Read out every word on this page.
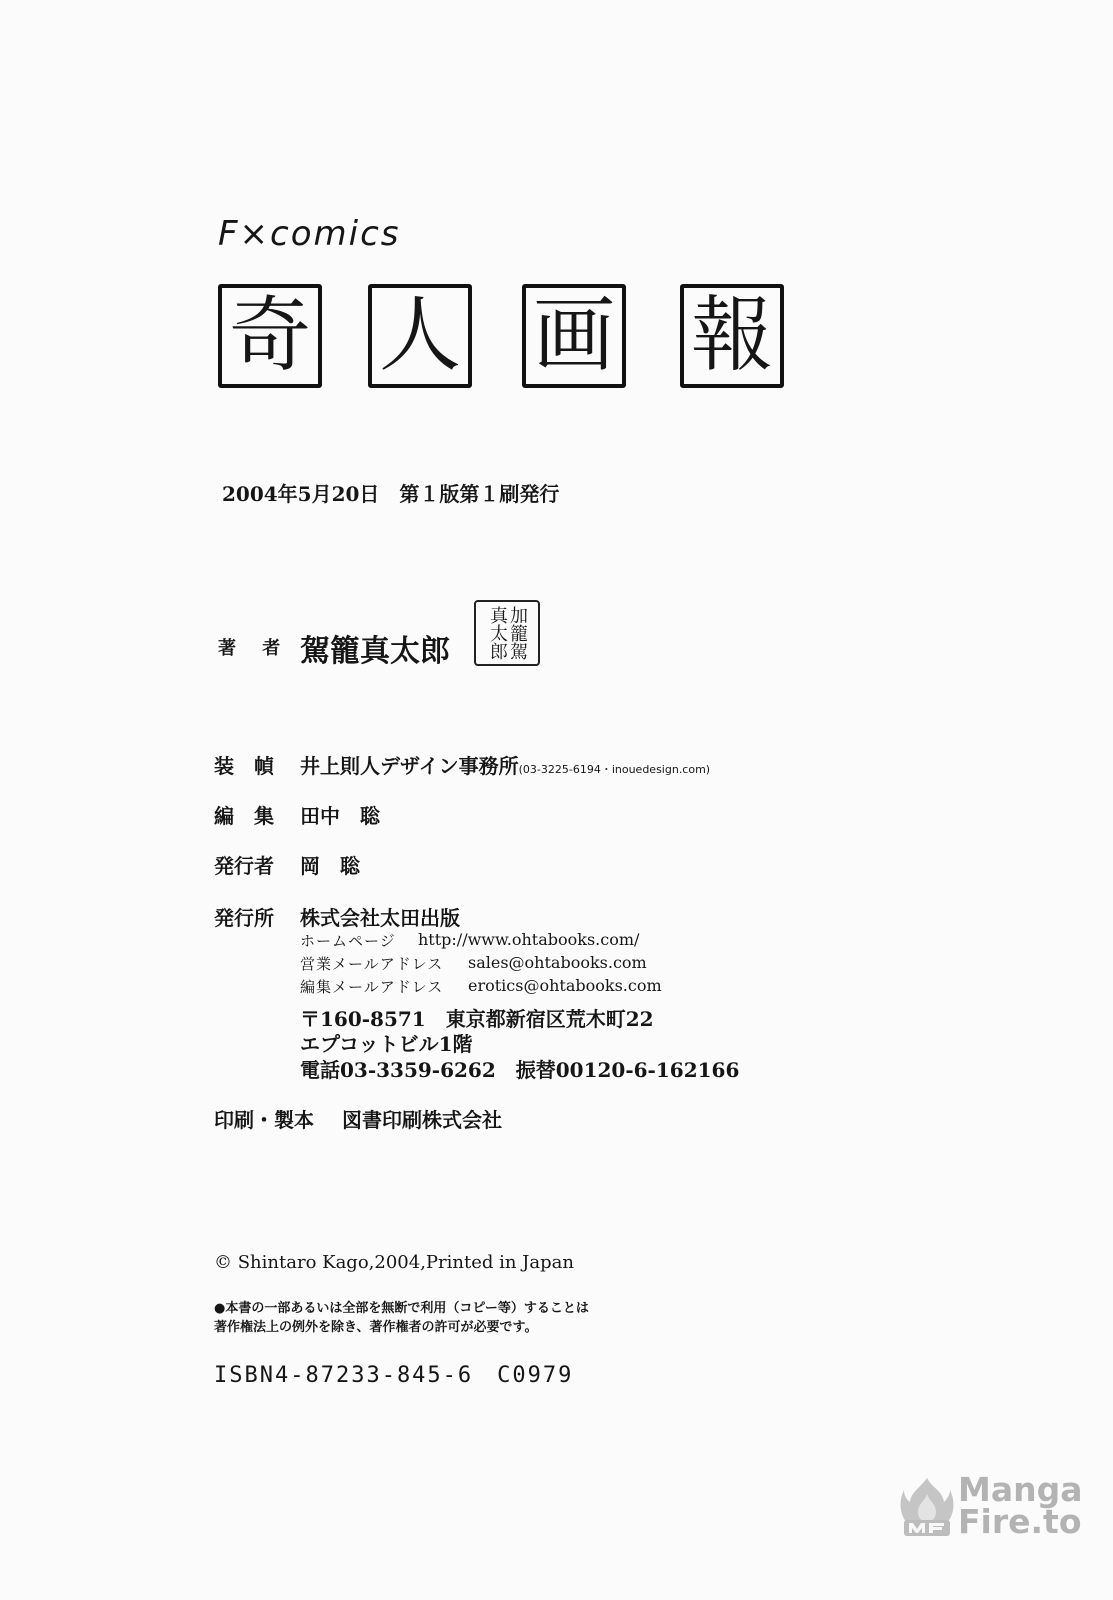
F×comics
奇 人 画 報
2004年5月20日　第１版第１刷発行
著 者 駕籠真太郎
加
籠
駕
真
太
郎
装　幀 井上則人デザイン事務所(03-3225-6194・inouedesign.com)
編　集 田中　聡
発行者 岡　聡
発行所 株式会社太田出版
ホームページ http://www.ohtabooks.com/
営業メールアドレス sales@ohtabooks.com
編集メールアドレス erotics@ohtabooks.com
〒160-8571　東京都新宿区荒木町22
エプコットビル1階
電話03-3359-6262　振替00120-6-162166
印刷・製本 図書印刷株式会社
© Shintaro Kago,2004,Printed in Japan
●本書の一部あるいは全部を無断で利用（コピー等）することは
著作権法上の例外を除き、著作権者の許可が必要です。
ISBN4-87233-845-6　C0979
Manga
Fire.to
